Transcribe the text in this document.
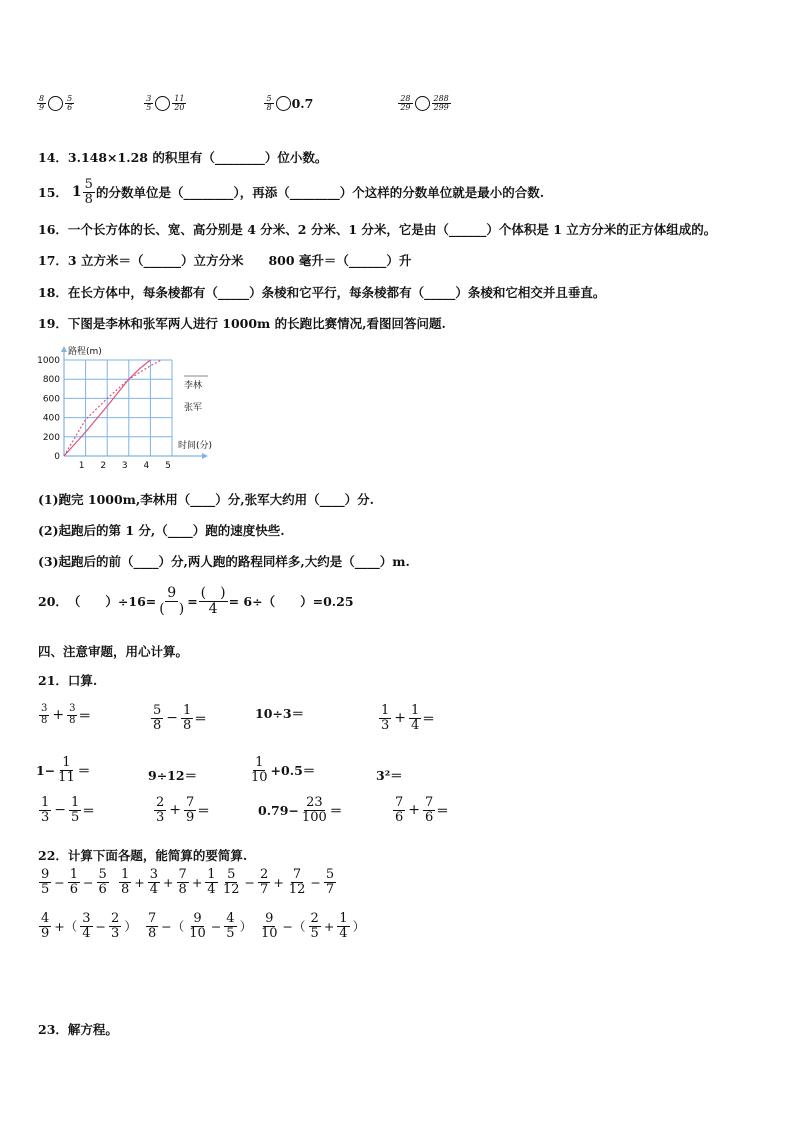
$\frac{8}{9} \frac{5}{6}$	$\frac{3}{5} \frac{11}{20}$	$\frac{5}{8} 0.7$	$\frac{28}{29} \frac{288}{299}$
14．3.148×1.28 的积里有（________）位小数。
15． $1 \frac{5}{8}$ 的分数单位是（________），再添（________）个这样的分数单位就是最小的合数.
16．一个长方体的长、宽、高分别是 4 分米、2 分米、1 分米，它是由（______）个体积是 1 立方分米的正方体组成的。
17．3 立方米＝（______）立方分米　　800 毫升＝（______）升
18．在长方体中，每条棱都有（_____）条棱和它平行，每条棱都有（_____）条棱和它相交并且垂直。
19．下图是李林和张军两人进行 1000m 的长跑比赛情况,看图回答问题.
0
200
400
600
800
1000
1 2 3 4 5
路程(m)
时间(分)
李林
张军
(1)跑完 1000m,李林用（____）分,张军大约用（____）分.
(2)起跑后的第 1 分,（____）跑的速度快些.
(3)起跑后的前（____）分,两人跑的路程同样多,大约是（____）m.
20． （　　）$\div 16= \frac{9}{( )} = \frac{( )}{4} = 6\div$（　　）=0.25
四、注意审题，用心计算。
21．口算.
22．计算下面各题，能简算的要简算.
23．解方程。
$\frac{3}{8} + \frac{3}{8}$ ＝	$\frac{5}{8} - \frac{1}{8}$ ＝	10÷3＝	$\frac{1}{3} + \frac{1}{4}$ ＝
$1- \frac{1}{11}$ ＝	9÷12＝	$\frac{1}{10} +0.5=$	3²＝
$\frac{1}{3} - \frac{1}{5}$ ＝	$\frac{2}{3} + \frac{7}{9}$ ＝	$0.79- \frac{23}{100}$ ＝	$\frac{7}{6} + \frac{7}{6}$ ＝
$\frac{9}{5} - \frac{1}{6} - \frac{5}{6} \frac{1}{8} + \frac{3}{4} + \frac{7}{8} + \frac{1}{4} \frac{5}{12} - \frac{2}{7} + \frac{7}{12} - \frac{5}{7}$
$\frac{4}{9}$ +（ $\frac{3}{4} - \frac{2}{3}$ ） $\frac{7}{8}$ −（ $\frac{9}{10} - \frac{4}{5}$ ） $\frac{9}{10}$ −（ $\frac{2}{5} + \frac{1}{4}$ ）
